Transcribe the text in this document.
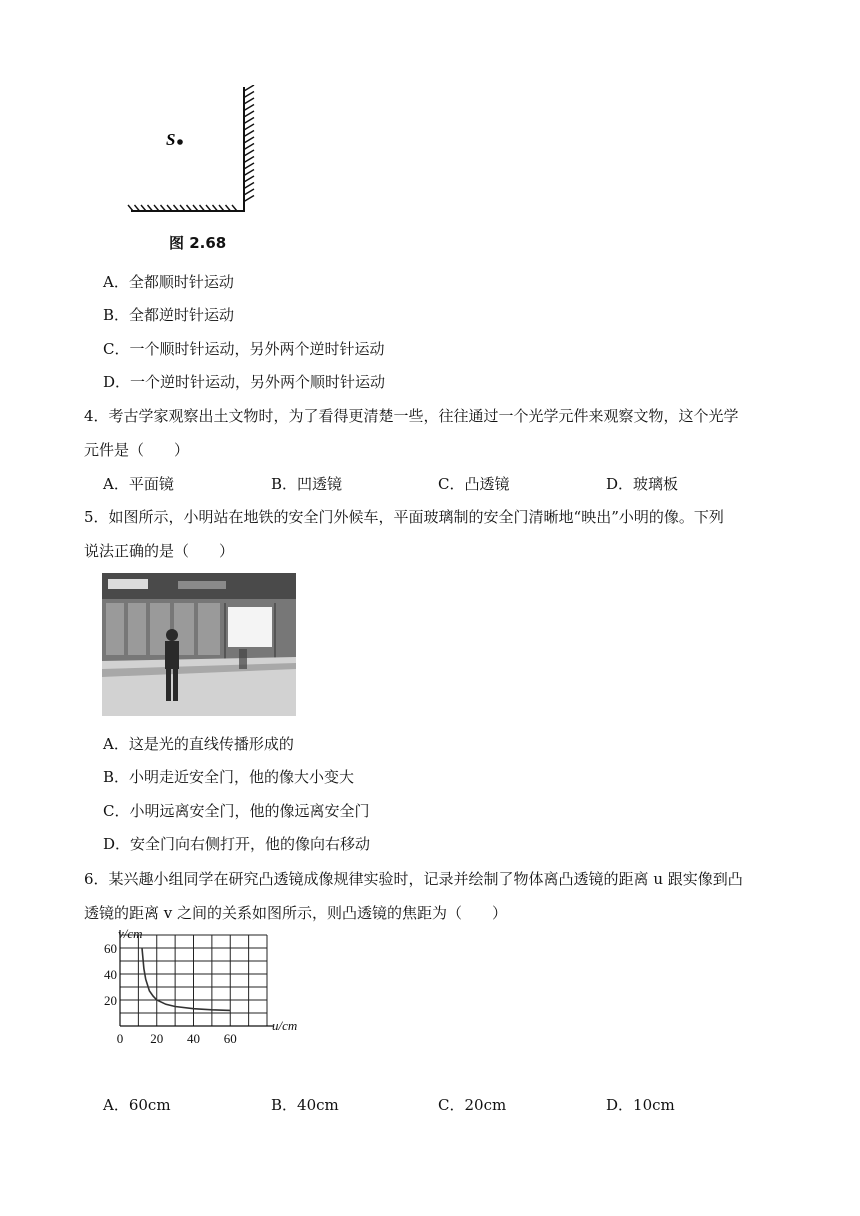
S
图 2.68
A．全都顺时针运动
B．全都逆时针运动
C．一个顺时针运动，另外两个逆时针运动
D．一个逆时针运动，另外两个顺时针运动
4．考古学家观察出土文物时，为了看得更清楚一些，往往通过一个光学元件来观察文物，这个光学
元件是（　　）
A．平面镜	B．凹透镜	C．凸透镜	D．玻璃板
5．如图所示，小明站在地铁的安全门外候车，平面玻璃制的安全门清晰地“映出”小明的像。下列
说法正确的是（　　）
A．这是光的直线传播形成的
B．小明走近安全门，他的像大小变大
C．小明远离安全门，他的像远离安全门
D．安全门向右侧打开，他的像向右移动
6．某兴趣小组同学在研究凸透镜成像规律实验时，记录并绘制了物体离凸透镜的距离 u 跟实像到凸
透镜的距离 v 之间的关系如图所示，则凸透镜的焦距为（　　）
0 20 40 60
20
40
60
v/cm
u/cm
A．60cm	B．40cm	C．20cm	D．10cm
